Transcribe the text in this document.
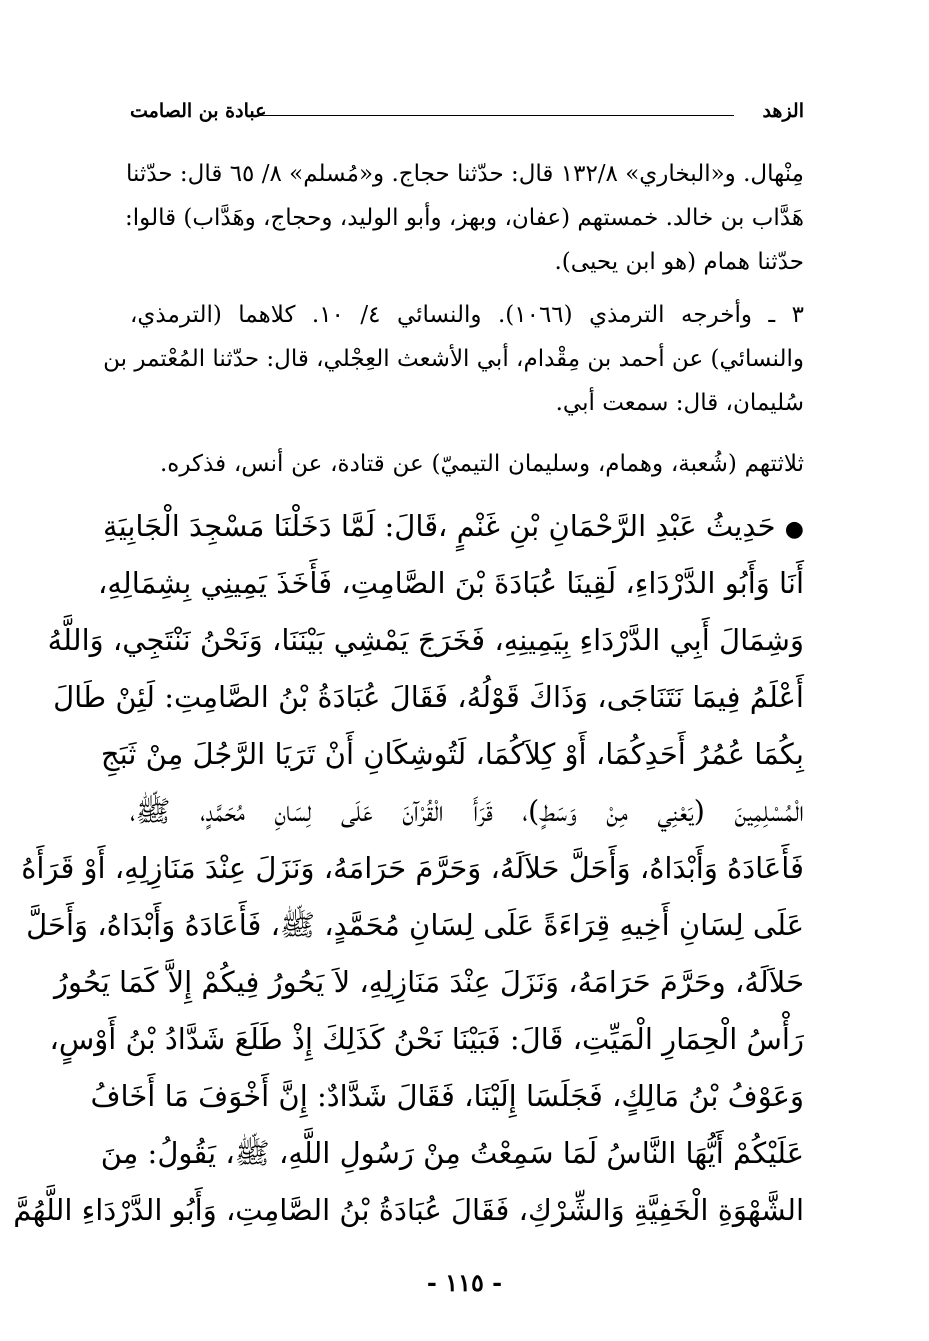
الزهد
عبادة بن الصامت
مِنْهال. و«البخاري» ١٣٢/٨ قال: حدّثنا حجاج. و«مُسلم» ٨/ ٦٥ قال: حدّثنا
هَدَّاب بن خالد. خمستهم (عفان، وبهز، وأبو الوليد، وحجاج، وهَدَّاب) قالوا:
حدّثنا همام (هو ابن يحيى).
٣ ـ وأخرجه الترمذي (١٠٦٦). والنسائي ٤/ ١٠. كلاهما (الترمذي،
والنسائي) عن أحمد بن مِقْدام، أبي الأشعث العِجْلي، قال: حدّثنا المُعْتمر بن
سُليمان، قال: سمعت أبي.
ثلاثتهم (شُعبة، وهمام، وسليمان التيميّ) عن قتادة، عن أنس، فذكره.
● حَدِيثُ عَبْدِ الرَّحْمَانِ بْنِ غَنْمٍ ،قَالَ: لَمَّا دَخَلْنَا مَسْجِدَ الْجَابِيَةِ
أَنَا وَأَبُو الدَّرْدَاءِ، لَقِينَا عُبَادَةَ بْنَ الصَّامِتِ، فَأَخَذَ يَمِينِي بِشِمَالِهِ،
وَشِمَالَ أَبِي الدَّرْدَاءِ بِيَمِينِهِ، فَخَرَجَ يَمْشِي بَيْنَنَا، وَنَحْنُ نَنْتَجِي، وَاللَّهُ
أَعْلَمُ فِيمَا نَتَنَاجَى، وَذَاكَ قَوْلُهُ، فَقَالَ عُبَادَةُ بْنُ الصَّامِتِ: لَئِنْ طَالَ
بِكُمَا عُمُرُ أَحَدِكُمَا، أَوْ كِلاَكُمَا، لَتُوشِكَانِ أَنْ تَرَيَا الرَّجُلَ مِنْ ثَبَجِ
الْمُسْلِمِينَ (يَعْنِي مِنْ وَسَطٍ)، قَرَأَ الْقُرْآنَ عَلَى لِسَانِ مُحَمَّدٍ، ﷺ،
فَأَعَادَهُ وَأَبْدَاهُ، وَأَحَلَّ حَلاَلَهُ، وَحَرَّمَ حَرَامَهُ، وَنَزَلَ عِنْدَ مَنَازِلِهِ، أَوْ قَرَأَهُ
عَلَى لِسَانِ أَخِيهِ قِرَاءَةً عَلَى لِسَانِ مُحَمَّدٍ، ﷺ، فَأَعَادَهُ وَأَبْدَاهُ، وَأَحَلَّ
حَلاَلَهُ، وحَرَّمَ حَرَامَهُ، وَنَزَلَ عِنْدَ مَنَازِلِهِ، لاَ يَحُورُ فِيكُمْ إِلاَّ كَمَا يَحُورُ
رَأْسُ الْحِمَارِ الْمَيِّتِ، قَالَ: فَبَيْنَا نَحْنُ كَذَلِكَ إِذْ طَلَعَ شَدَّادُ بْنُ أَوْسٍ،
وَعَوْفُ بْنُ مَالِكٍ، فَجَلَسَا إِلَيْنَا، فَقَالَ شَدَّادٌ: إِنَّ أَخْوَفَ مَا أَخَافُ
عَلَيْكُمْ أَيُّهَا النَّاسُ لَمَا سَمِعْتُ مِنْ رَسُولِ اللَّهِ، ﷺ، يَقُولُ: مِنَ
الشَّهْوَةِ الْخَفِيَّةِ وَالشِّرْكِ، فَقَالَ عُبَادَةُ بْنُ الصَّامِتِ، وَأَبُو الدَّرْدَاءِ اللَّهُمَّ
- ١١٥ -
